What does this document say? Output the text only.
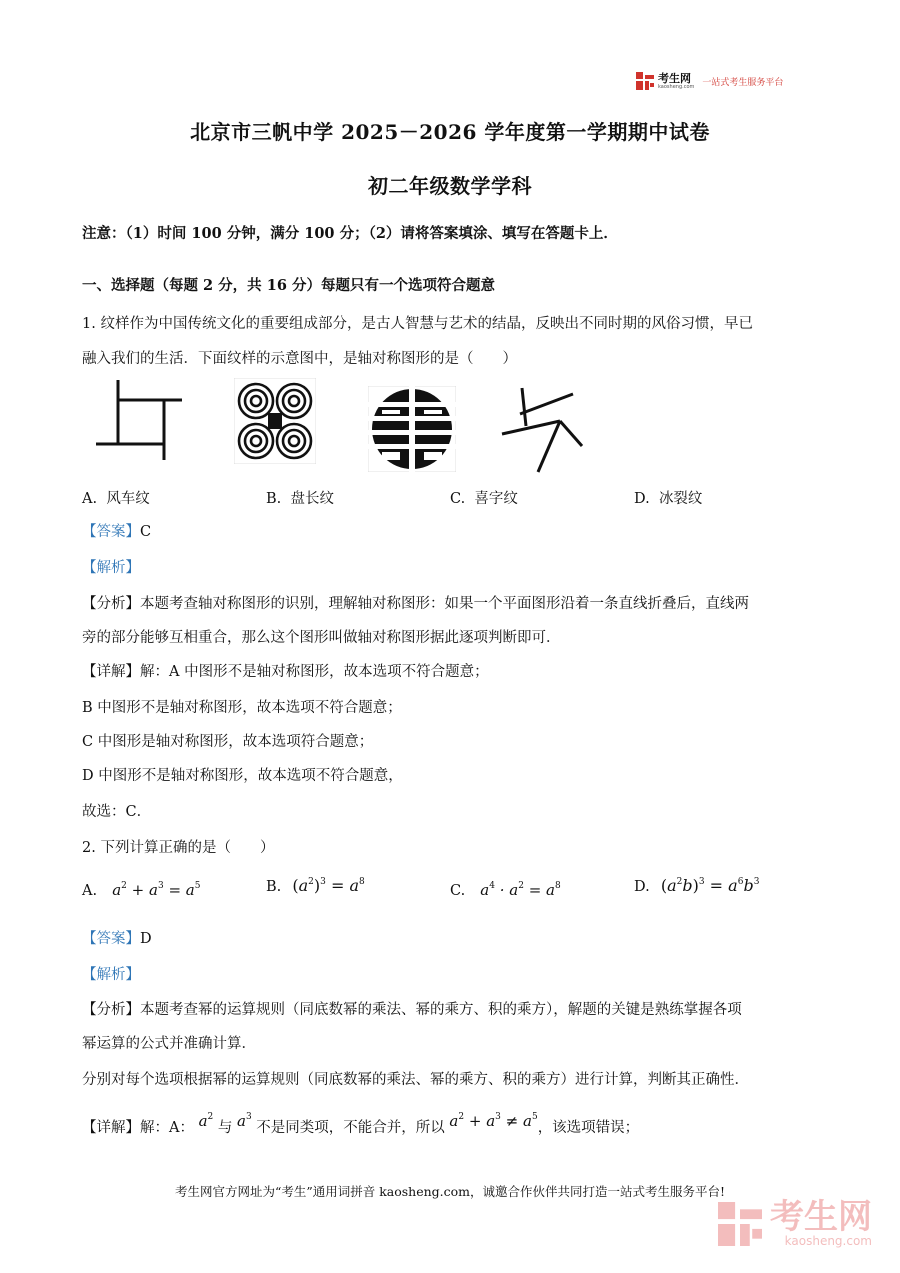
考生网
kaosheng.com 一站式考生服务平台
北京市三帆中学 2025－2026 学年度第一学期期中试卷
初二年级数学学科
注意：（1）时间 100 分钟，满分 100 分；（2）请将答案填涂、填写在答题卡上．
一、选择题（每题 2 分，共 16 分）每题只有一个选项符合题意
1. 纹样作为中国传统文化的重要组成部分，是古人智慧与艺术的结晶，反映出不同时期的风俗习惯，早已
融入我们的生活．下面纹样的示意图中，是轴对称图形的是（　　）
A. 风车纹	B. 盘长纹	C. 喜字纹	D. 冰裂纹
【答案】C
【解析】
【分析】本题考查轴对称图形的识别，理解轴对称图形：如果一个平面图形沿着一条直线折叠后，直线两
旁的部分能够互相重合，那么这个图形叫做轴对称图形据此逐项判断即可．
【详解】解：A 中图形不是轴对称图形，故本选项不符合题意；
B 中图形不是轴对称图形，故本选项不符合题意；
C 中图形是轴对称图形，故本选项符合题意；
D 中图形不是轴对称图形，故本选项不符合题意，
故选：C．
2. 下列计算正确的是（　　）
A. $a^2 + a^3 = a^5$	B. $(a^2)^3 = a^8$
C. $a^4 \cdot a^2 = a^8$	D. $(a^2b)^3 = a^6b^3$
【答案】D
【解析】
【分析】本题考查幂的运算规则（同底数幂的乘法、幂的乘方、积的乘方），解题的关键是熟练掌握各项
幂运算的公式并准确计算．
分别对每个选项根据幂的运算规则（同底数幂的乘法、幂的乘方、积的乘方）进行计算，判断其正确性．
【详解】解：A： $a^2$ 与 $a^3$ 不是同类项，不能合并，所以 $a^2 + a^3 \ne a^5$，该选项错误；
考生网官方网址为“考生”通用词拼音 kaosheng.com，诚邀合作伙伴共同打造一站式考生服务平台!
考生网
kaosheng.com
